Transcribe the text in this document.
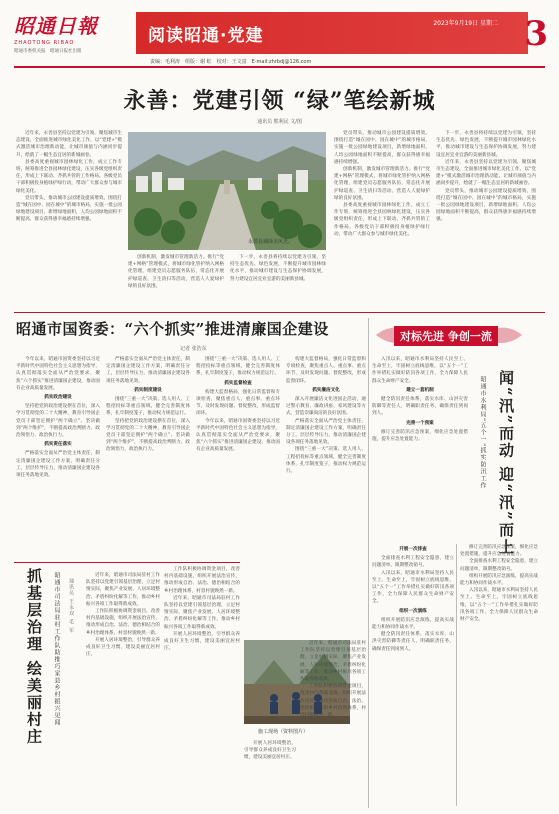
昭通日報
ZHAOTONG RIBAO
昭通市委机关报　昭通日报社出版
阅读昭通·党建
2023年9月19日 星期二 3
责编：毛利涛　组版：谢 虹　校对：王文富　E-mail:zhrbdj@126.com
永善：党建引领 “绿”笔绘新城
通讯员 熊利民 文/图

近年来，永善县坚持以党建为引领，聚焦城市生态建设，全面推进城市绿化美化工作，以“党建+”模式激活城市治理新动能，让城市颜值与内涵同步提升，绘就了一幅生态宜居的新城画卷。

县委高度重视城市园林绿化工作，成立工作专班，统筹推进全县园林绿化建设，压实各级党组织责任，形成上下联动、齐抓共管的工作格局。各级党员干部积极投身植绿护绿行动，带动广大群众参与城市绿化美化。

党员带头，推动城市公园建设提质增效。围绕打造“城在园中、园在城中”的城市格局，实施一批公园绿地建设项目，新增绿地面积，人均公园绿地面积不断提高，群众获得感幸福感持续增强。

永善县城绿美风光。

创新机制，激发城市管理新活力。推行“党建+网格”管理模式，将城市绿化管护纳入网格化管理，组建党员志愿服务队伍，常态化开展护绿巡查、卫生清扫等活动，营造人人爱绿护绿的良好氛围。

下一步，永善县将持续以党建为引领，坚持生态优先、绿色发展，不断提升城市园林绿化水平，推动城市建设与生态保护协调发展，努力建设宜居宜业宜游的美丽新县城。

党员带头，推动城市公园建设提质增效。围绕打造“城在园中、园在城中”的城市格局，实施一批公园绿地建设项目，新增绿地面积，人均公园绿地面积不断提高，群众获得感幸福感持续增强。

创新机制，激发城市管理新活力。推行“党建+网格”管理模式，将城市绿化管护纳入网格化管理，组建党员志愿服务队伍，常态化开展护绿巡查、卫生清扫等活动，营造人人爱绿护绿的良好氛围。

县委高度重视城市园林绿化工作，成立工作专班，统筹推进全县园林绿化建设，压实各级党组织责任，形成上下联动、齐抓共管的工作格局。各级党员干部积极投身植绿护绿行动，带动广大群众参与城市绿化美化。

下一步，永善县将持续以党建为引领，坚持生态优先、绿色发展，不断提升城市园林绿化水平，推动城市建设与生态保护协调发展，努力建设宜居宜业宜游的美丽新县城。

近年来，永善县坚持以党建为引领，聚焦城市生态建设，全面推进城市绿化美化工作，以“党建+”模式激活城市治理新动能，让城市颜值与内涵同步提升，绘就了一幅生态宜居的新城画卷。

党员带头，推动城市公园建设提质增效。围绕打造“城在园中、园在城中”的城市格局，实施一批公园绿地建设项目，新增绿地面积，人均公园绿地面积不断提高，群众获得感幸福感持续增强。

昭通市国资委：“六个抓实”推进清廉国企建设
记者 张浩东

今年以来，昭通市国资委坚持以习近平新时代中国特色社会主义思想为指导，认真贯彻落实全面从严治党要求，聚焦“六个抓实”推进清廉国企建设，推动国有企业高质量发展。

抓实政治建设

坚持把党的政治建设摆在首位，深入学习贯彻党的二十大精神，教育引导国企党员干部坚定拥护“两个确立”、坚决做到“两个维护”，不断提高政治判断力、政治领悟力、政治执行力。

抓实责任落实

严格落实全面从严治党主体责任，制定清廉国企建设工作方案，明确责任分工，层层传导压力，推动清廉国企建设各项任务落地见效。

严格落实全面从严治党主体责任，制定清廉国企建设工作方案，明确责任分工，层层传导压力，推动清廉国企建设各项任务落地见效。

抓实制度建设

围绕“三重一大”决策、选人用人、工程招投标等重点领域，健全完善制度体系，扎牢制度笼子，推动权力规范运行。

坚持把党的政治建设摆在首位，深入学习贯彻党的二十大精神，教育引导国企党员干部坚定拥护“两个确立”、坚决做到“两个维护”，不断提高政治判断力、政治领悟力、政治执行力。

围绕“三重一大”决策、选人用人、工程招投标等重点领域，健全完善制度体系，扎牢制度笼子，推动权力规范运行。

抓实监督检查

构建大监督格局，强化日常监督和专项检查，聚焦重点人、重点事、重点环节，及时发现问题、督促整改，形成监督闭环。

今年以来，昭通市国资委坚持以习近平新时代中国特色社会主义思想为指导，认真贯彻落实全面从严治党要求，聚焦“六个抓实”推进清廉国企建设，推动国有企业高质量发展。

构建大监督格局，强化日常监督和专项检查，聚焦重点人、重点事、重点环节，及时发现问题、督促整改，形成监督闭环。

抓实廉洁文化

深入开展廉洁文化进国企活动，通过警示教育、廉政讲座、家风建设等方式，营造崇廉尚洁的良好氛围。

严格落实全面从严治党主体责任，制定清廉国企建设工作方案，明确责任分工，层层传导压力，推动清廉国企建设各项任务落地见效。

围绕“三重一大”决策、选人用人、工程招投标等重点领域，健全完善制度体系，扎牢制度笼子，推动权力规范运行。

对标先进 争创一流
闻“汛”而动 迎“汛”而上
昭通市水利局“五个一”抓实防汛工作

入汛以来，昭通市水利局坚持人民至上、生命至上，牢固树立底线思维，以“五个一”工作举措扎实做好防汛各项工作，全力保障人民群众生命财产安全。

建立一套机制

健全防汛责任体系，落实水库、山洪灾害防御等责任人，明确职责任务，确保责任到岗到人。

完善一个预案

修订完善防汛应急预案，细化应急处置措施，提升应急处置能力。

开展一次排查

全面排查水利工程安全隐患，建立问题清单，限期整改销号。

入汛以来，昭通市水利局坚持人民至上、生命至上，牢固树立底线思维，以“五个一”工作举措扎实做好防汛各项工作，全力保障人民群众生命财产安全。

组织一次演练

组织开展防汛应急演练，提高实战能力和协同作战水平。

健全防汛责任体系，落实水库、山洪灾害防御等责任人，明确职责任务，确保责任到岗到人。

修订完善防汛应急预案，细化应急处置措施，提升应急处置能力。

全面排查水利工程安全隐患，建立问题清单，限期整改销号。

组织开展防汛应急演练，提高实战能力和协同作战水平。

入汛以来，昭通市水利局坚持人民至上、生命至上，牢固树立底线思维，以“五个一”工作举措扎实做好防汛各项工作，全力保障人民群众生命财产安全。

抓基层治理 绘美丽村庄	昭通市司法局驻村工作队助推巧家县乡村振兴见闻 通讯员 王永双 毛 军

近年来，昭通市司法局驻村工作队坚持以党建引领基层治理，立足村情实际，聚焦产业发展、人居环境整治、矛盾纠纷化解等工作，推动乡村振兴各项工作取得新成效。

工作队积极协调资金项目，改善村内基础设施，组织开展法治宣传，推动形成自治、法治、德治相结合的乡村治理体系，村容村貌焕然一新。

开展人居环境整治，引导群众养成良好卫生习惯，建设美丽宜居村庄。

工作队积极协调资金项目，改善村内基础设施，组织开展法治宣传，推动形成自治、法治、德治相结合的乡村治理体系，村容村貌焕然一新。

近年来，昭通市司法局驻村工作队坚持以党建引领基层治理，立足村情实际，聚焦产业发展、人居环境整治、矛盾纠纷化解等工作，推动乡村振兴各项工作取得新成效。

开展人居环境整治，引导群众养成良好卫生习惯，建设美丽宜居村庄。

施工现场（资料图片）

开展人居环境整治，引导群众养成良好卫生习惯，建设美丽宜居村庄。

近年来，昭通市司法局驻村工作队坚持以党建引领基层治理，立足村情实际，聚焦产业发展、人居环境整治、矛盾纠纷化解等工作，推动乡村振兴各项工作取得新成效。

工作队积极协调资金项目，改善村内基础设施，组织开展法治宣传，推动形成自治、法治、德治相结合的乡村治理体系，村容村貌焕然一新。
